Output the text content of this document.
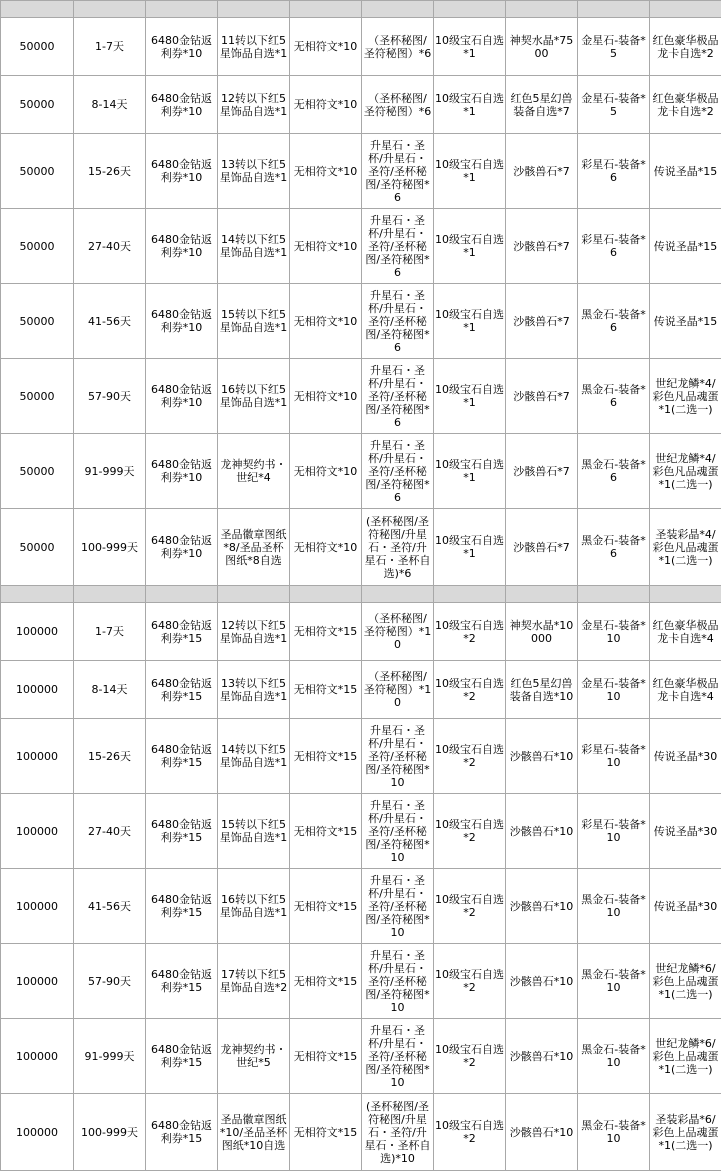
50000	1-7天	6480金钻返利券*10	11转以下红5星饰品自选*1	无相符文*10	（圣杯秘图/圣符秘图）*6	10级宝石自选*1	神契水晶*7500	金星石-装备*5	红色豪华极品龙卡自选*2
50000	8-14天	6480金钻返利券*10	12转以下红5星饰品自选*1	无相符文*10	（圣杯秘图/圣符秘图）*6	10级宝石自选*1	红色5星幻兽装备自选*7	金星石-装备*5	红色豪华极品龙卡自选*2
50000	15-26天	6480金钻返利券*10	13转以下红5星饰品自选*1	无相符文*10	升星石・圣杯/升星石・圣符/圣杯秘图/圣符秘图*6	10级宝石自选*1	沙骸兽石*7	彩星石-装备*6	传说圣晶*15
50000	27-40天	6480金钻返利券*10	14转以下红5星饰品自选*1	无相符文*10	升星石・圣杯/升星石・圣符/圣杯秘图/圣符秘图*6	10级宝石自选*1	沙骸兽石*7	彩星石-装备*6	传说圣晶*15
50000	41-56天	6480金钻返利券*10	15转以下红5星饰品自选*1	无相符文*10	升星石・圣杯/升星石・圣符/圣杯秘图/圣符秘图*6	10级宝石自选*1	沙骸兽石*7	黑金石-装备*6	传说圣晶*15
50000	57-90天	6480金钻返利券*10	16转以下红5星饰品自选*1	无相符文*10	升星石・圣杯/升星石・圣符/圣杯秘图/圣符秘图*6	10级宝石自选*1	沙骸兽石*7	黑金石-装备*6	世纪龙鳞*4/彩色凡品魂蛋*1(二选一)
50000	91-999天	6480金钻返利券*10	龙神契约书・世纪*4	无相符文*10	升星石・圣杯/升星石・圣符/圣杯秘图/圣符秘图*6	10级宝石自选*1	沙骸兽石*7	黑金石-装备*6	世纪龙鳞*4/彩色凡品魂蛋*1(二选一)
50000	100-999天	6480金钻返利券*10	圣品徽章图纸*8/圣品圣杯图纸*8自选	无相符文*10	(圣杯秘图/圣符秘图/升星石・圣符/升星石・圣杯自选)*6	10级宝石自选*1	沙骸兽石*7	黑金石-装备*6	圣装彩晶*4/彩色凡品魂蛋*1(二选一)

100000	1-7天	6480金钻返利券*15	12转以下红5星饰品自选*1	无相符文*15	（圣杯秘图/圣符秘图）*10	10级宝石自选*2	神契水晶*10000	金星石-装备*10	红色豪华极品龙卡自选*4
100000	8-14天	6480金钻返利券*15	13转以下红5星饰品自选*1	无相符文*15	（圣杯秘图/圣符秘图）*10	10级宝石自选*2	红色5星幻兽装备自选*10	金星石-装备*10	红色豪华极品龙卡自选*4
100000	15-26天	6480金钻返利券*15	14转以下红5星饰品自选*1	无相符文*15	升星石・圣杯/升星石・圣符/圣杯秘图/圣符秘图*10	10级宝石自选*2	沙骸兽石*10	彩星石-装备*10	传说圣晶*30
100000	27-40天	6480金钻返利券*15	15转以下红5星饰品自选*1	无相符文*15	升星石・圣杯/升星石・圣符/圣杯秘图/圣符秘图*10	10级宝石自选*2	沙骸兽石*10	彩星石-装备*10	传说圣晶*30
100000	41-56天	6480金钻返利券*15	16转以下红5星饰品自选*1	无相符文*15	升星石・圣杯/升星石・圣符/圣杯秘图/圣符秘图*10	10级宝石自选*2	沙骸兽石*10	黑金石-装备*10	传说圣晶*30
100000	57-90天	6480金钻返利券*15	17转以下红5星饰品自选*2	无相符文*15	升星石・圣杯/升星石・圣符/圣杯秘图/圣符秘图*10	10级宝石自选*2	沙骸兽石*10	黑金石-装备*10	世纪龙鳞*6/彩色上品魂蛋*1(二选一)
100000	91-999天	6480金钻返利券*15	龙神契约书・世纪*5	无相符文*15	升星石・圣杯/升星石・圣符/圣杯秘图/圣符秘图*10	10级宝石自选*2	沙骸兽石*10	黑金石-装备*10	世纪龙鳞*6/彩色上品魂蛋*1(二选一)
100000	100-999天	6480金钻返利券*15	圣品徽章图纸*10/圣品圣杯图纸*10自选	无相符文*15	(圣杯秘图/圣符秘图/升星石・圣符/升星石・圣杯自选)*10	10级宝石自选*2	沙骸兽石*10	黑金石-装备*10	圣装彩晶*6/彩色上品魂蛋*1(二选一)
